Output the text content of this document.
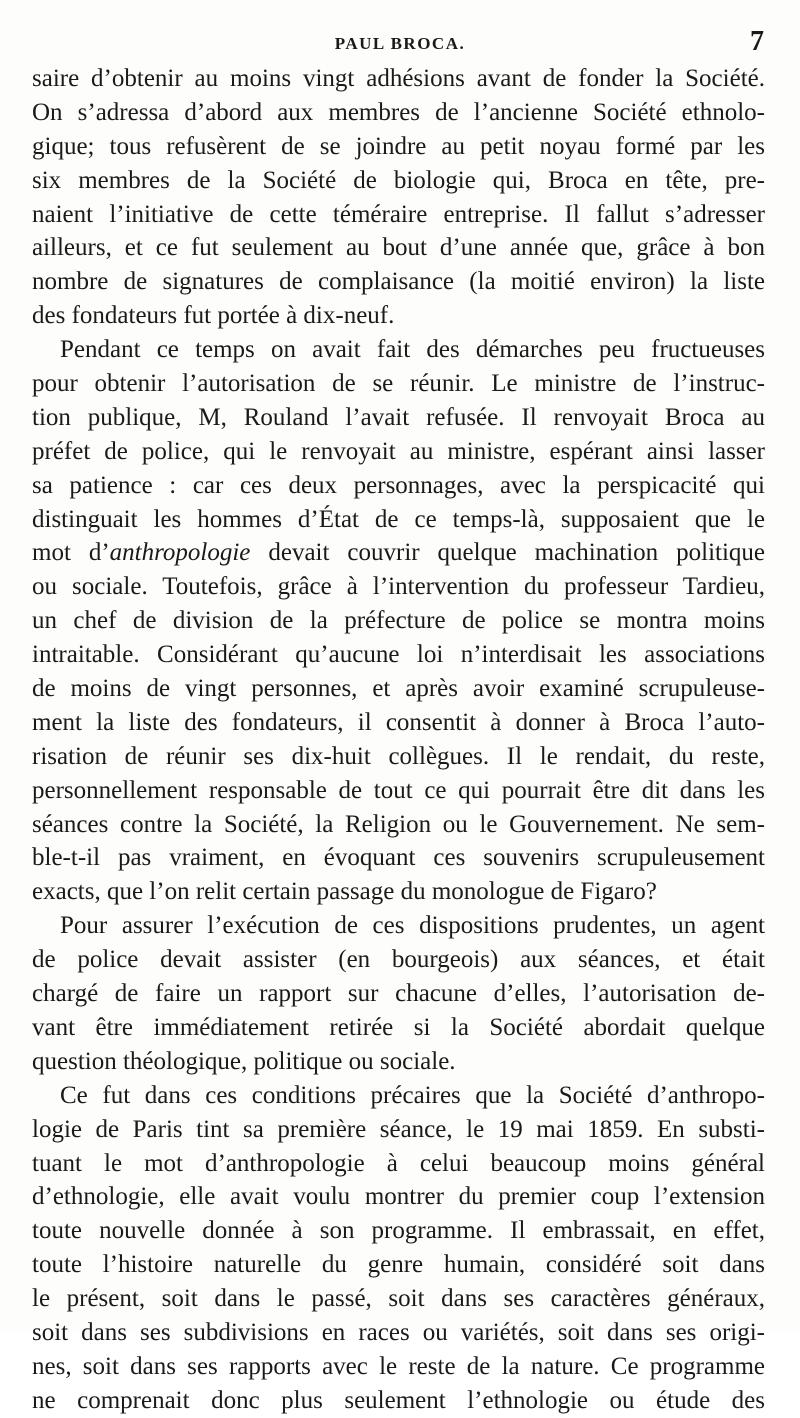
PAUL BROCA.	7
saire d’obtenir au moins vingt adhésions avant de fonder la Société.
On s’adressa d’abord aux membres de l’ancienne Société ethnolo-
gique; tous refusèrent de se joindre au petit noyau formé par les
six membres de la Société de biologie qui, Broca en tête, pre-
naient l’initiative de cette téméraire entreprise. Il fallut s’adresser
ailleurs, et ce fut seulement au bout d’une année que, grâce à bon
nombre de signatures de complaisance (la moitié environ) la liste
des fondateurs fut portée à dix-neuf.
Pendant ce temps on avait fait des démarches peu fructueuses
pour obtenir l’autorisation de se réunir. Le ministre de l’instruc-
tion publique, M, Rouland l’avait refusée. Il renvoyait Broca au
préfet de police, qui le renvoyait au ministre, espérant ainsi lasser
sa patience : car ces deux personnages, avec la perspicacité qui
distinguait les hommes d’État de ce temps-là, supposaient que le
mot d’anthropologie devait couvrir quelque machination politique
ou sociale. Toutefois, grâce à l’intervention du professeur Tardieu,
un chef de division de la préfecture de police se montra moins
intraitable. Considérant qu’aucune loi n’interdisait les associations
de moins de vingt personnes, et après avoir examiné scrupuleuse-
ment la liste des fondateurs, il consentit à donner à Broca l’auto-
risation de réunir ses dix-huit collègues. Il le rendait, du reste,
personnellement responsable de tout ce qui pourrait être dit dans les
séances contre la Société, la Religion ou le Gouvernement. Ne sem-
ble-t-il pas vraiment, en évoquant ces souvenirs scrupuleusement
exacts, que l’on relit certain passage du monologue de Figaro?
Pour assurer l’exécution de ces dispositions prudentes, un agent
de police devait assister (en bourgeois) aux séances, et était
chargé de faire un rapport sur chacune d’elles, l’autorisation de-
vant être immédiatement retirée si la Société abordait quelque
question théologique, politique ou sociale.
Ce fut dans ces conditions précaires que la Société d’anthropo-
logie de Paris tint sa première séance, le 19 mai 1859. En substi-
tuant le mot d’anthropologie à celui beaucoup moins général
d’ethnologie, elle avait voulu montrer du premier coup l’extension
toute nouvelle donnée à son programme. Il embrassait, en effet,
toute l’histoire naturelle du genre humain, considéré soit dans
le présent, soit dans le passé, soit dans ses caractères généraux,
soit dans ses subdivisions en races ou variétés, soit dans ses origi-
nes, soit dans ses rapports avec le reste de la nature. Ce programme
ne comprenait donc plus seulement l’ethnologie ou étude des
